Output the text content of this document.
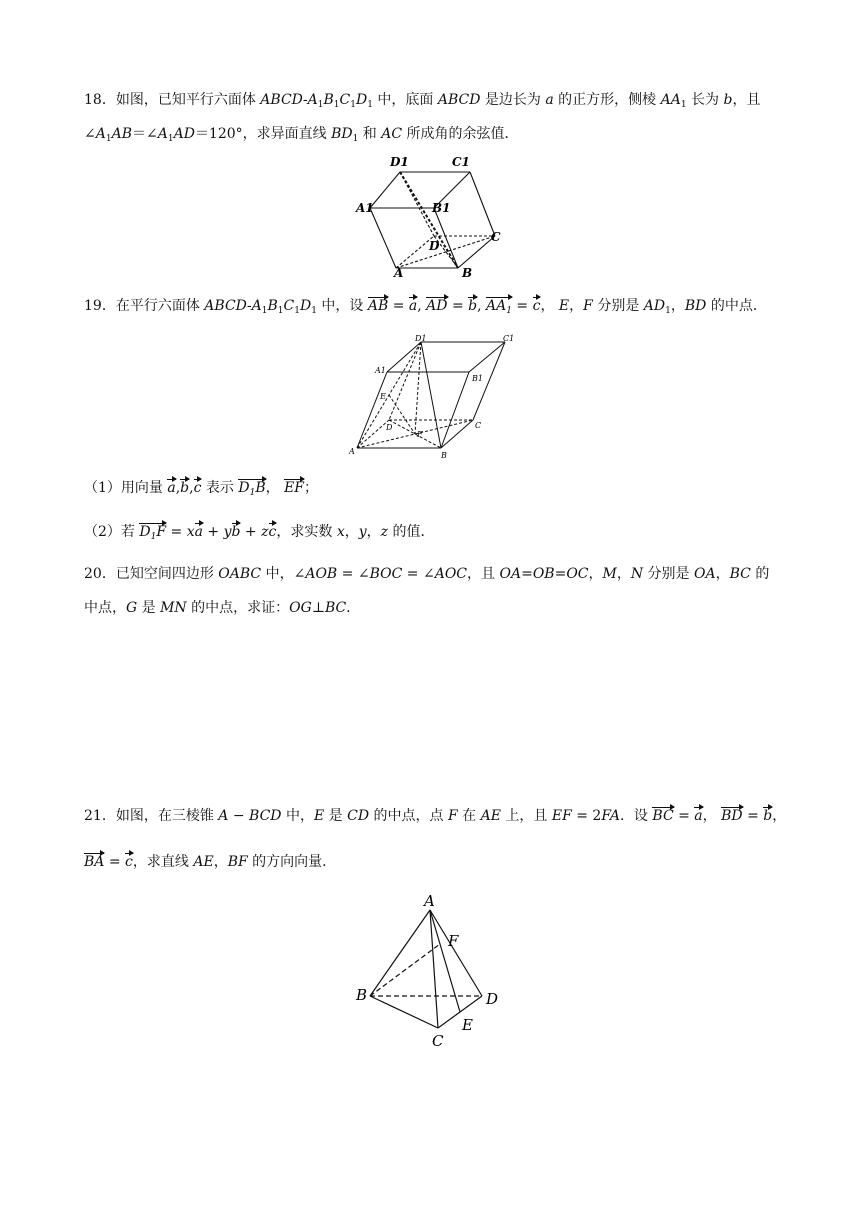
18．如图，已知平行六面体 ABCD-$A_1B_1C_1D_1$ 中，底面 ABCD 是边长为 a 的正方形，侧棱 $AA_1$ 长为 b，且
$\angle A_1AB=\angle A_1AD=120^\circ$，求异面直线 $BD_1$ 和 AC 所成角的余弦值．
D1	C1
A1	B1
D
C
A	B
19．在平行六面体 ABCD-$A_1B_1C_1D_1$ 中，设 AB = a, AD = b, $AA_1 = c$， E，F 分别是 $AD_1$，BD 的中点．
D1	C1
A1
B1
E
D
F
C
A	B
（1）用向量 a,b,c 表示 $D_1B$， EF；
（2）若 $D_1F$ = xa + yb + zc，求实数 x，y，z 的值．
20．已知空间四边形 OABC 中，∠AOB = ∠BOC = ∠AOC，且 OA=OB=OC，M，N 分别是 OA，BC 的
中点，G 是 MN 的中点，求证：OG⊥BC．
21．如图，在三棱锥 A − BCD 中，E 是 CD 的中点，点 F 在 AE 上，且 EF = 2FA．设 BC = a， BD = b，
BA = c，求直线 AE，BF 的方向向量．
A
F
B	D
E
C
